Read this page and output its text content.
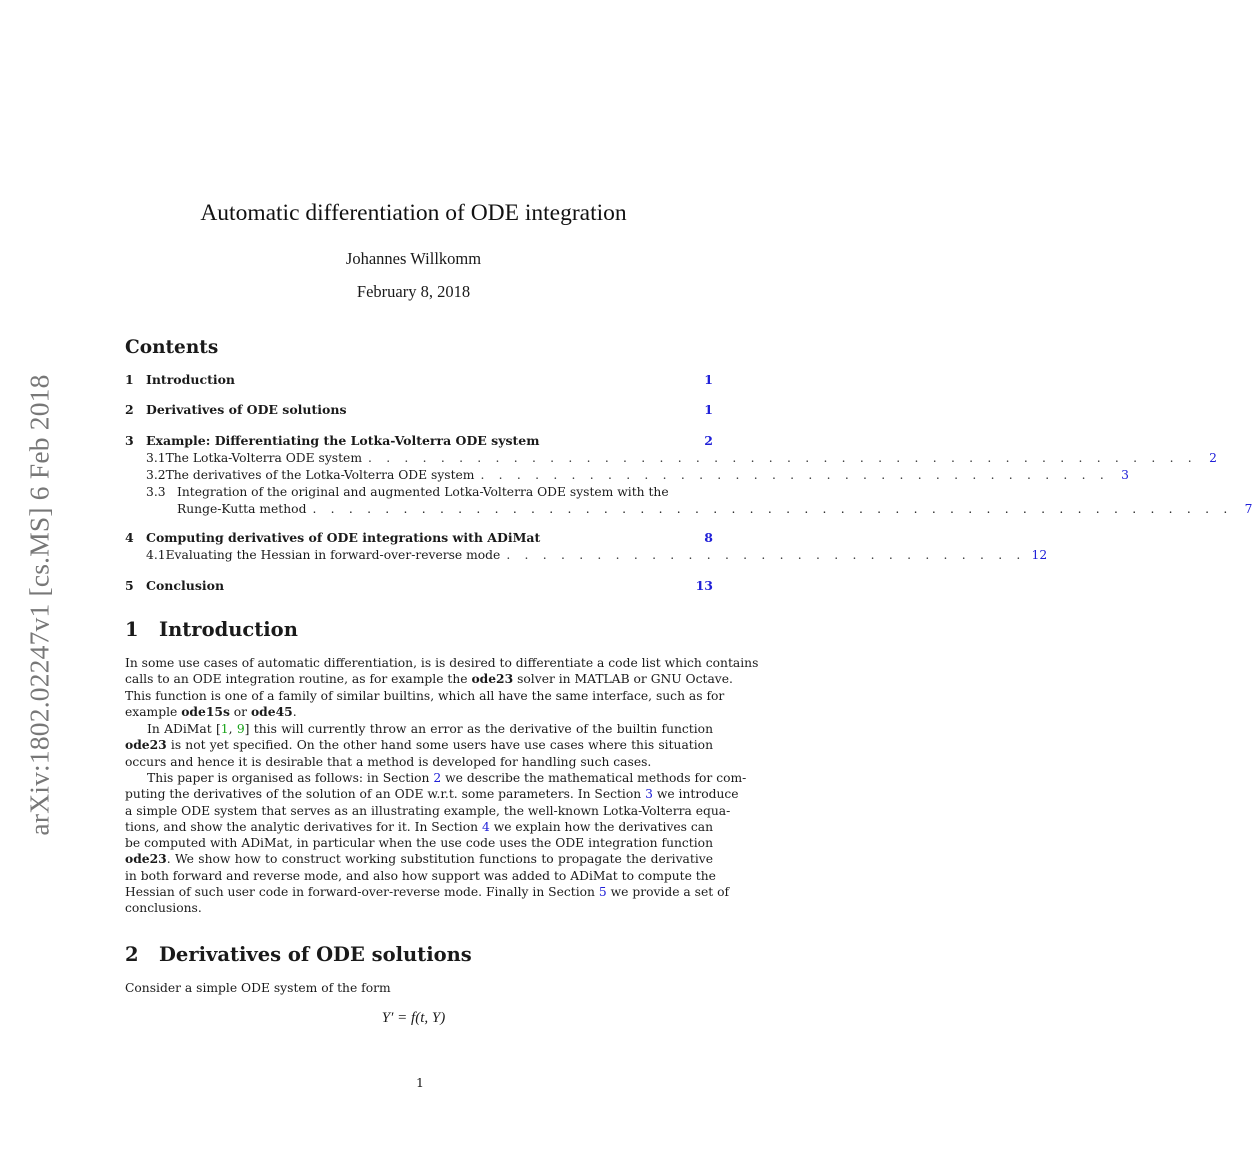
arXiv:1802.02247v1 [cs.MS] 6 Feb 2018
Automatic differentiation of ODE integration
Johannes Willkomm
February 8, 2018
Contents
1 Introduction	1
2 Derivatives of ODE solutions	1
3 Example: Differentiating the Lotka-Volterra ODE system	2
3.1 The Lotka-Volterra ODE system . . . . . . . . . . . . . . . . . . . . . . . . . . . . . . . . . . . . . . . . . . . . . . 2
3.2 The derivatives of the Lotka-Volterra ODE system . . . . . . . . . . . . . . . . . . . . . . . . . . . . . . . . . . . 3
3.3 Integration of the original and augmented Lotka-Volterra ODE system with the
Runge-Kutta method . . . . . . . . . . . . . . . . . . . . . . . . . . . . . . . . . . . . . . . . . . . . . . . . . . . 7
4 Computing derivatives of ODE integrations with ADiMat	8
4.1 Evaluating the Hessian in forward-over-reverse mode . . . . . . . . . . . . . . . . . . . . . . . . . . . . . 12
5 Conclusion	13
1 Introduction
In some use cases of automatic differentiation, is is desired to differentiate a code list which contains
calls to an ODE integration routine, as for example the ode23 solver in MATLAB or GNU Octave.
This function is one of a family of similar builtins, which all have the same interface, such as for
example ode15s or ode45.
In ADiMat [1, 9] this will currently throw an error as the derivative of the builtin function
ode23 is not yet specified. On the other hand some users have use cases where this situation
occurs and hence it is desirable that a method is developed for handling such cases.
This paper is organised as follows: in Section 2 we describe the mathematical methods for com-
puting the derivatives of the solution of an ODE w.r.t. some parameters. In Section 3 we introduce
a simple ODE system that serves as an illustrating example, the well-known Lotka-Volterra equa-
tions, and show the analytic derivatives for it. In Section 4 we explain how the derivatives can
be computed with ADiMat, in particular when the use code uses the ODE integration function
ode23. We show how to construct working substitution functions to propagate the derivative
in both forward and reverse mode, and also how support was added to ADiMat to compute the
Hessian of such user code in forward-over-reverse mode. Finally in Section 5 we provide a set of
conclusions.
2 Derivatives of ODE solutions
Consider a simple ODE system of the form
Y′ = f(t, Y)
1
